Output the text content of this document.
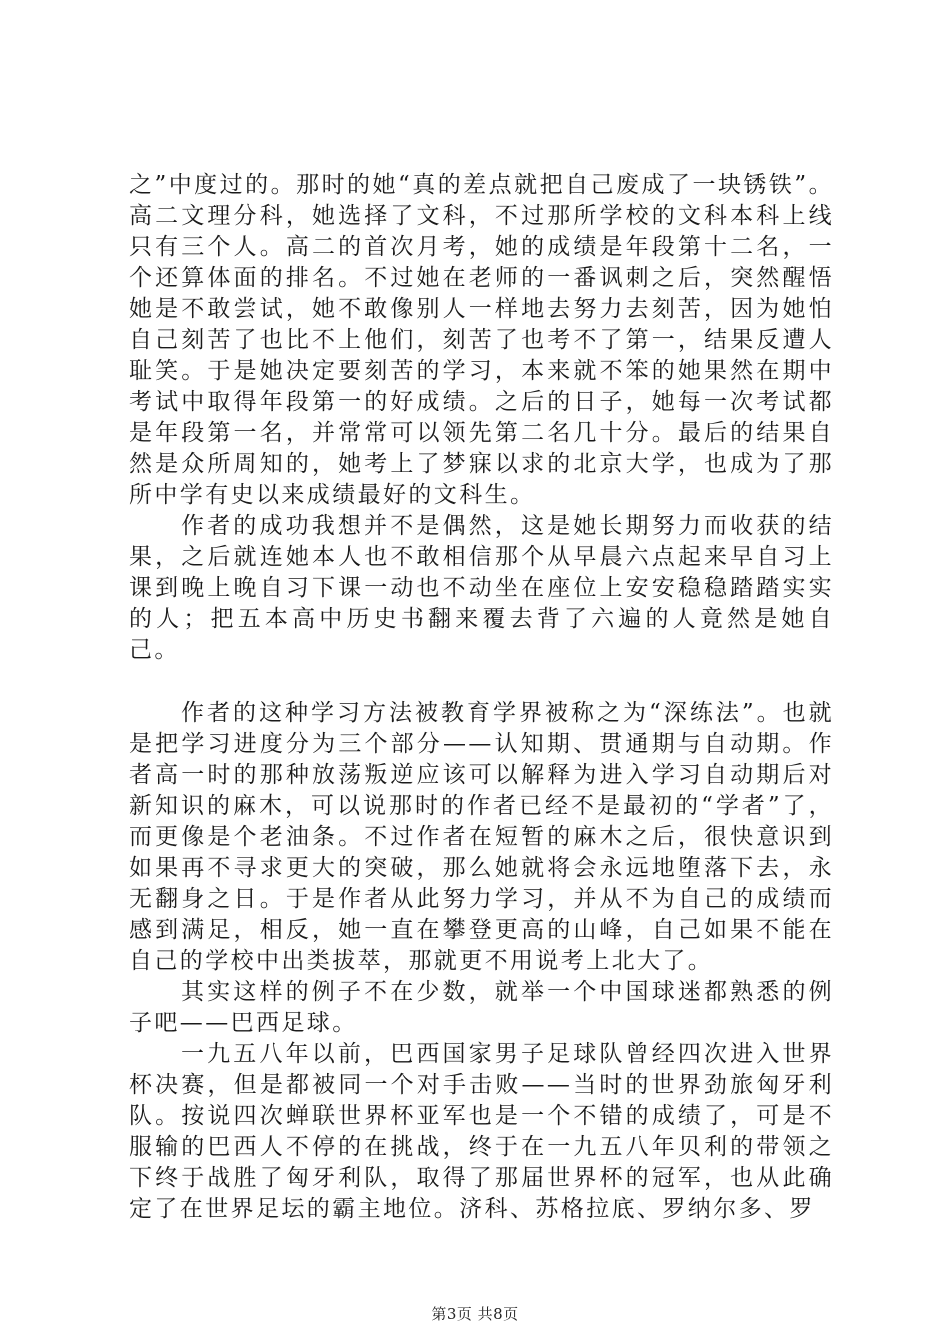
之”中度过的。那时的她“真的差点就把自己废成了一块锈铁”。高二文理分科，她选择了文科，不过那所学校的文科本科上线只有三个人。高二的首次月考，她的成绩是年段第十二名，一个还算体面的排名。不过她在老师的一番讽刺之后，突然醒悟她是不敢尝试，她不敢像别人一样地去努力去刻苦，因为她怕自己刻苦了也比不上他们，刻苦了也考不了第一，结果反遭人耻笑。于是她决定要刻苦的学习，本来就不笨的她果然在期中考试中取得年段第一的好成绩。之后的日子，她每一次考试都是年段第一名，并常常可以领先第二名几十分。最后的结果自然是众所周知的，她考上了梦寐以求的北京大学，也成为了那所中学有史以来成绩最好的文科生。

作者的成功我想并不是偶然，这是她长期努力而收获的结果，之后就连她本人也不敢相信那个从早晨六点起来早自习上课到晚上晚自习下课一动也不动坐在座位上安安稳稳踏踏实实的人；把五本高中历史书翻来覆去背了六遍的人竟然是她自己。

作者的这种学习方法被教育学界被称之为“深练法”。也就是把学习进度分为三个部分——认知期、贯通期与自动期。作者高一时的那种放荡叛逆应该可以解释为进入学习自动期后对新知识的麻木，可以说那时的作者已经不是最初的“学者”了，而更像是个老油条。不过作者在短暂的麻木之后，很快意识到如果再不寻求更大的突破，那么她就将会永远地堕落下去，永无翻身之日。于是作者从此努力学习，并从不为自己的成绩而感到满足，相反，她一直在攀登更高的山峰，自己如果不能在自己的学校中出类拔萃，那就更不用说考上北大了。

其实这样的例子不在少数，就举一个中国球迷都熟悉的例子吧——巴西足球。

一九五八年以前，巴西国家男子足球队曾经四次进入世界杯决赛，但是都被同一个对手击败——当时的世界劲旅匈牙利队。按说四次蝉联世界杯亚军也是一个不错的成绩了，可是不服输的巴西人不停的在挑战，终于在一九五八年贝利的带领之下终于战胜了匈牙利队，取得了那届世界杯的冠军，也从此确定了在世界足坛的霸主地位。济科、苏格拉底、罗纳尔多、罗

第3页 共8页
